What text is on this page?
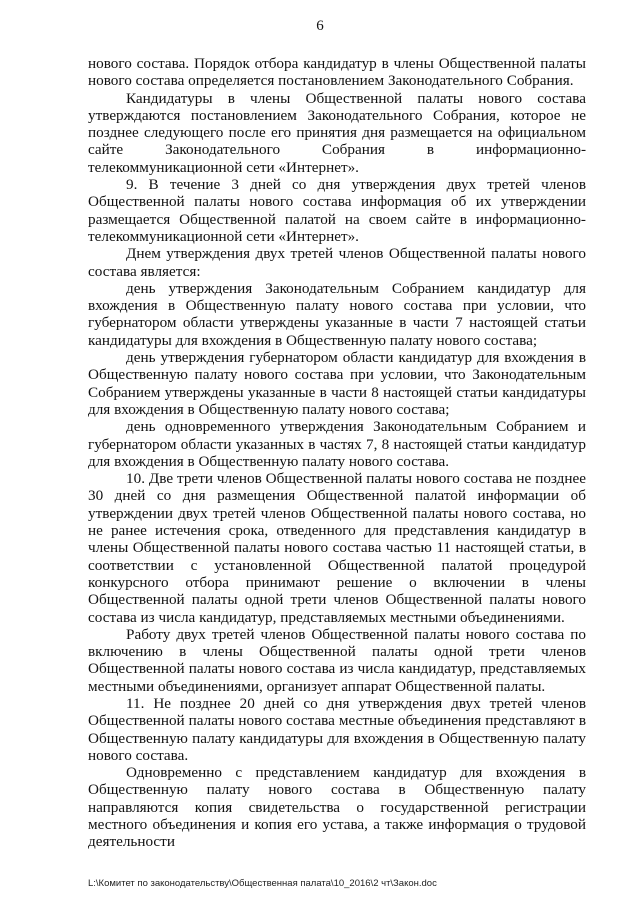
6

нового состава. Порядок отбора кандидатур в члены Общественной палаты нового состава определяется постановлением Законодательного Собрания.

Кандидатуры в члены Общественной палаты нового состава утверждаются постановлением Законодательного Собрания, которое не позднее следующего после его принятия дня размещается на официальном сайте Законодательного Собрания в информационно-телекоммуникационной сети «Интернет».

9. В течение 3 дней со дня утверждения двух третей членов Общественной палаты нового состава информация об их утверждении размещается Общественной палатой на своем сайте в информационно-телекоммуникационной сети «Интернет».

Днем утверждения двух третей членов Общественной палаты нового состава является:

день утверждения Законодательным Собранием кандидатур для вхождения в Общественную палату нового состава при условии, что губернатором области утверждены указанные в части 7 настоящей статьи кандидатуры для вхождения в Общественную палату нового состава;

день утверждения губернатором области кандидатур для вхождения в Общественную палату нового состава при условии, что Законодательным Собранием утверждены указанные в части 8 настоящей статьи кандидатуры для вхождения в Общественную палату нового состава;

день одновременного утверждения Законодательным Собранием и губернатором области указанных в частях 7, 8 настоящей статьи кандидатур для вхождения в Общественную палату нового состава.

10. Две трети членов Общественной палаты нового состава не позднее 30 дней со дня размещения Общественной палатой информации об утверждении двух третей членов Общественной палаты нового состава, но не ранее истечения срока, отведенного для представления кандидатур в члены Общественной палаты нового состава частью 11 настоящей статьи, в соответствии с установленной Общественной палатой процедурой конкурсного отбора принимают решение о включении в члены Общественной палаты одной трети членов Общественной палаты нового состава из числа кандидатур, представляемых местными объединениями.

Работу двух третей членов Общественной палаты нового состава по включению в члены Общественной палаты одной трети членов Общественной палаты нового состава из числа кандидатур, представляемых местными объединениями, организует аппарат Общественной палаты.

11. Не позднее 20 дней со дня утверждения двух третей членов Общественной палаты нового состава местные объединения представляют в Общественную палату кандидатуры для вхождения в Общественную палату нового состава.

Одновременно с представлением кандидатур для вхождения в Общественную палату нового состава в Общественную палату направляются копия свидетельства о государственной регистрации местного объединения и копия его устава, а также информация о трудовой деятельности

L:\Комитет по законодательству\Общественная палата\10_2016\2 чт\Закон.doc
